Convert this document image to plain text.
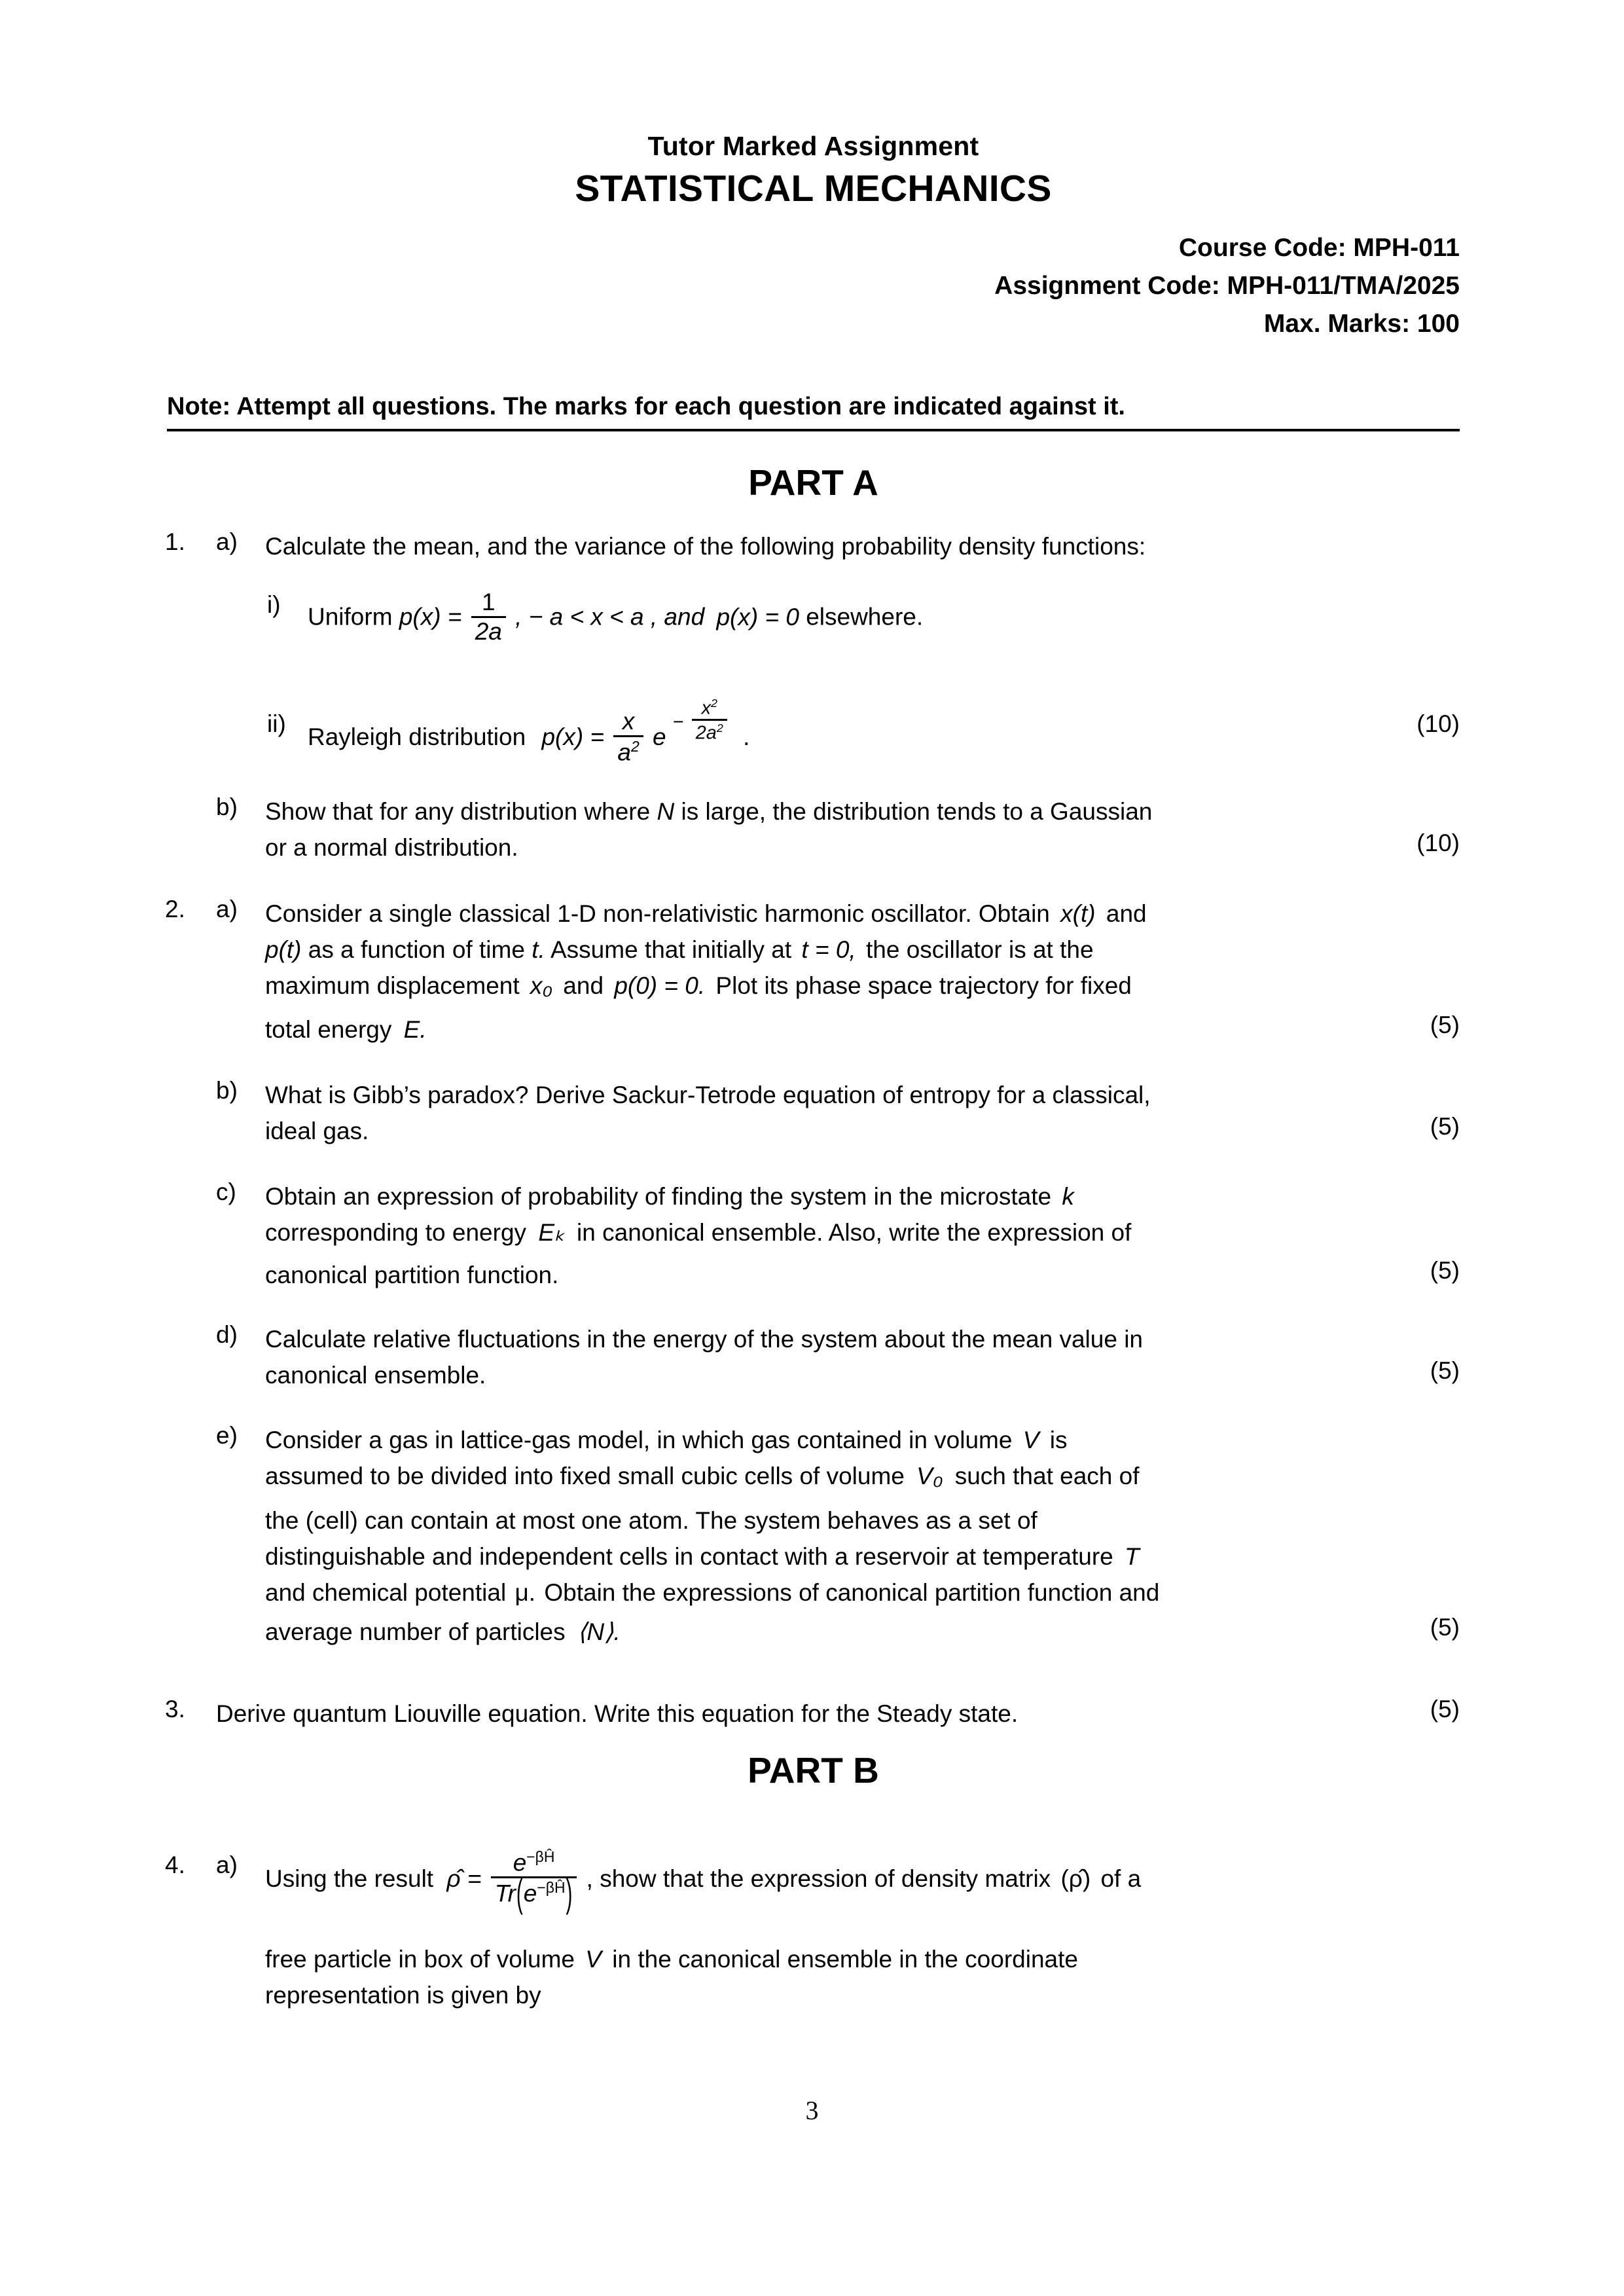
Tutor Marked Assignment
STATISTICAL MECHANICS
Course Code: MPH-011
Assignment Code: MPH-011/TMA/2025
Max. Marks: 100
Note: Attempt all questions. The marks for each question are indicated against it.
PART A
1. a) Calculate the mean, and the variance of the following probability density functions:
i) Uniform $p(x) = \frac{1}{2a}$ , − a < x < a , and p(x) = 0 elsewhere.
ii) Rayleigh distribution $p(x) = \frac{x}{a^2}$ $e - \frac{x^2}{2a^2}$ .	(10)
b) Show that for any distribution where N is large, the distribution tends to a Gaussian
or a normal distribution.	(10)
2. a) Consider a single classical 1-D non-relativistic harmonic oscillator. Obtain x(t) and
p(t) as a function of time t. Assume that initially at t = 0, the oscillator is at the
maximum displacement x₀ and p(0) = 0. Plot its phase space trajectory for fixed
total energy E.	(5)
b) What is Gibb’s paradox? Derive Sackur-Tetrode equation of entropy for a classical,
ideal gas.	(5)
c) Obtain an expression of probability of finding the system in the microstate k
corresponding to energy Eₖ in canonical ensemble. Also, write the expression of
canonical partition function.	(5)
d) Calculate relative fluctuations in the energy of the system about the mean value in
canonical ensemble.	(5)
e) Consider a gas in lattice-gas model, in which gas contained in volume V is
assumed to be divided into fixed small cubic cells of volume V₀ such that each of
the (cell) can contain at most one atom. The system behaves as a set of
distinguishable and independent cells in contact with a reservoir at temperature T
and chemical potential μ. Obtain the expressions of canonical partition function and
average number of particles ⟨N⟩.	(5)
3. Derive quantum Liouville equation. Write this equation for the Steady state.	(5)
PART B
4. a)
Using the result ρ̂ = $\frac{e^{-\beta Ĥ}}{Tr(e^{-\beta Ĥ})}$ , show that the expression of density matrix (ρ̂) of a
free particle in box of volume V in the canonical ensemble in the coordinate
representation is given by
3
